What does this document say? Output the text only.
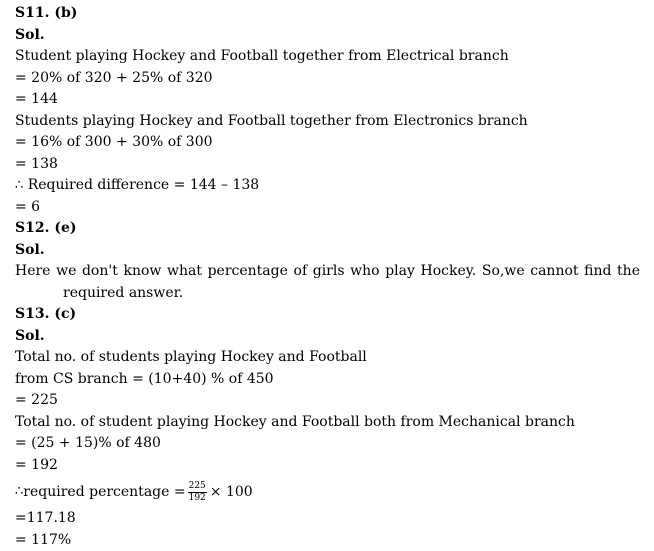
S11. (b)
Sol.
Student playing Hockey and Football together from Electrical branch
= 20% of 320 + 25% of 320
= 144
Students playing Hockey and Football together from Electronics branch
= 16% of 300 + 30% of 300
= 138
∴ Required difference = 144 – 138
= 6
S12. (e)
Sol.
Here we don't know what percentage of girls who play Hockey. So,we cannot find the
required answer.
S13. (c)
Sol.
Total no. of students playing Hockey and Football
from CS branch = (10+40) % of 450
= 225
Total no. of student playing Hockey and Football both from Mechanical branch
= (25 + 15)% of 480
= 192
∴ required percentage = $\frac{225}{192} \times 100$
=117.18
= 117%
